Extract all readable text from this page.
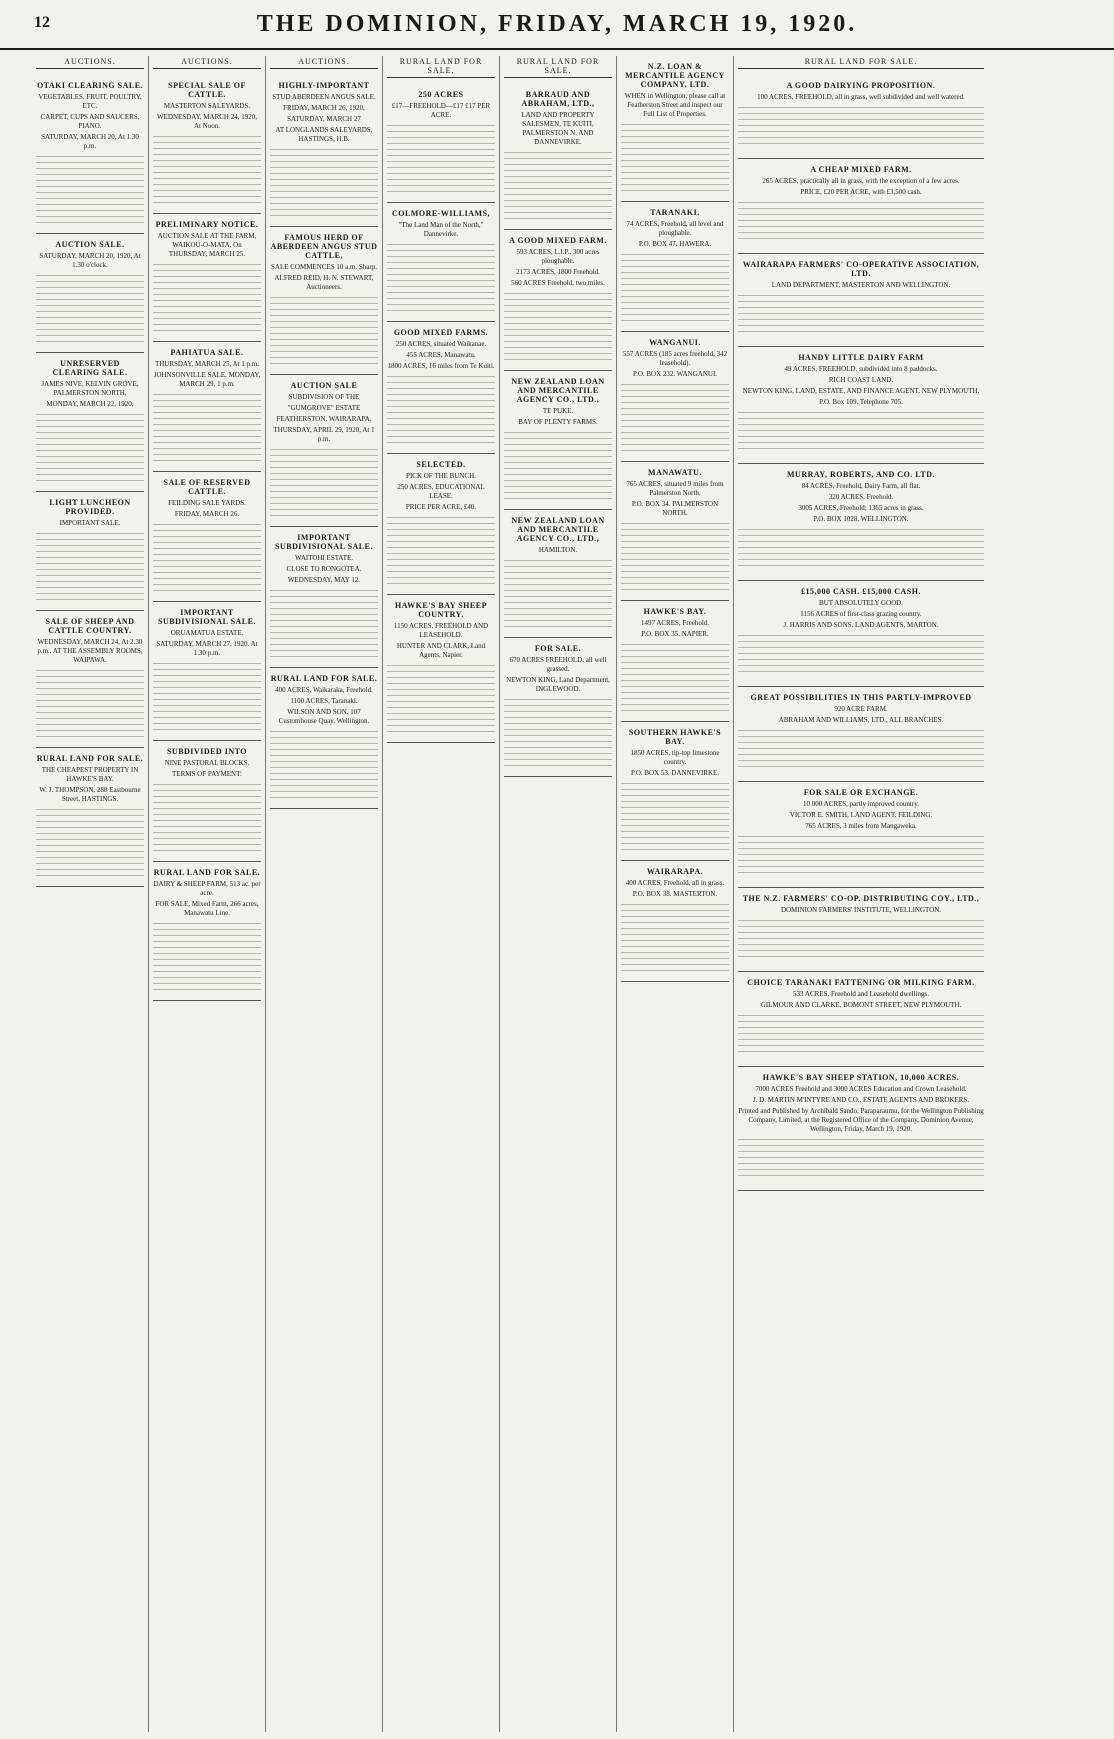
12	THE DOMINION, FRIDAY, MARCH 19, 1920.
AUCTIONS.
OTAKI CLEARING SALE.
VEGETABLES, FRUIT, POULTRY, ETC.
CARPET, CUPS AND SAUCERS, PIANO.
SATURDAY, MARCH 20, At 1.30 p.m.
AUCTION SALE.
SATURDAY, MARCH 20, 1920, At 1.30 o'clock.
UNRESERVED CLEARING SALE.
JAMES NIVE, KELVIN GROVE, PALMERSTON NORTH,
MONDAY, MARCH 22, 1920.
LIGHT LUNCHEON PROVIDED.
IMPORTANT SALE.
SALE OF SHEEP AND CATTLE COUNTRY.
WEDNESDAY, MARCH 24, At 2.30 p.m., AT THE ASSEMBLY ROOMS, WAIPAWA.
RURAL LAND FOR SALE.
THE CHEAPEST PROPERTY IN HAWKE'S BAY.
W. J. THOMPSON, 288 Eastbourne Street, HASTINGS.
AUCTIONS.
SPECIAL SALE OF CATTLE.
MASTERTON SALEYARDS.
WEDNESDAY, MARCH 24, 1920, At Noon.
PRELIMINARY NOTICE.
AUCTION SALE AT THE FARM, WAIKOU-O-MATA, On THURSDAY, MARCH 25.
PAHIATUA SALE.
THURSDAY, MARCH 25, At 1 p.m.
JOHNSONVILLE SALE. MONDAY, MARCH 29, 1 p.m.
SALE OF RESERVED CATTLE.
FEILDING SALE YARDS.
FRIDAY, MARCH 26.
IMPORTANT SUBDIVISIONAL SALE.
ORUAMATUA ESTATE.
SATURDAY, MARCH 27, 1920. At 1.30 p.m.
SUBDIVIDED INTO
NINE PASTORAL BLOCKS.
TERMS OF PAYMENT:
RURAL LAND FOR SALE.
DAIRY & SHEEP FARM, 513 ac. per acre.
FOR SALE, Mixed Farm, 266 acres, Manawatu Line.
AUCTIONS.
HIGHLY-IMPORTANT
STUD ABERDEEN ANGUS SALE.
FRIDAY, MARCH 26, 1920,
SATURDAY, MARCH 27
AT LONGLANDS SALEYARDS, HASTINGS, H.B.
FAMOUS HERD OF ABERDEEN ANGUS STUD CATTLE,
SALE COMMENCES 10 a.m. Sharp.
ALFRED REID, H. N. STEWART, Auctioneers.
AUCTION SALE
SUBDIVISION OF THE
"GUMGROVE" ESTATE
FEATHERSTON, WAIRARAPA.
THURSDAY, APRIL 29, 1920, At 1 p.m.
IMPORTANT SUBDIVISIONAL SALE.
WAITOHI ESTATE.
CLOSE TO RONGOTEA.
WEDNESDAY, MAY 12.
RURAL LAND FOR SALE.
400 ACRES, Waikaraka, Freehold.
1100 ACRES, Taranaki.
WILSON AND SON, 107 Customhouse Quay, Wellington.
RURAL LAND FOR SALE.
250 ACRES
£17—FREEHOLD—£17 £17 PER ACRE.
COLMORE-WILLIAMS,
"The Land Man of the North," Dannevirke.
GOOD MIXED FARMS.
250 ACRES, situated Waikanae.
455 ACRES, Manawatu.
1800 ACRES, 16 miles from Te Kuiti.
SELECTED.
PICK OF THE BUNCH.
250 ACRES, EDUCATIONAL LEASE.
PRICE PER ACRE, £40.
HAWKE'S BAY SHEEP COUNTRY.
1150 ACRES, FREEHOLD AND LEASEHOLD.
HUNTER AND CLARK, Land Agents, Napier.
RURAL LAND FOR SALE.
BARRAUD AND ABRAHAM, LTD.,
LAND AND PROPERTY SALESMEN, TE KUITI, PALMERSTON N. AND DANNEVIRKE.
A GOOD MIXED FARM.
593 ACRES, L.I.P., 300 acres ploughable.
2173 ACRES, 1800 Freehold.
560 ACRES Freehold, two miles.
NEW ZEALAND LOAN AND MERCANTILE AGENCY CO., LTD.,
TE PUKE.
BAY OF PLENTY FARMS.
NEW ZEALAND LOAN AND MERCANTILE AGENCY CO., LTD.,
HAMILTON.
FOR SALE.
670 ACRES FREEHOLD, all well grassed.
NEWTON KING, Land Department, INGLEWOOD.
N.Z. LOAN & MERCANTILE AGENCY COMPANY, LTD.
WHEN in Wellington, please call at Featherston Street and inspect our Full List of Properties.
TARANAKI.
74 ACRES, Freehold, all level and ploughable.
P.O. BOX 47. HAWERA.
WANGANUI.
557 ACRES (185 acres freehold, 342 leasehold).
P.O. BOX 232. WANGANUI.
MANAWATU.
765 ACRES, situated 9 miles from Palmerston North.
P.O. BOX 34. PALMERSTON NORTH.
HAWKE'S BAY.
1497 ACRES, Freehold.
P.O. BOX 35. NAPIER.
SOUTHERN HAWKE'S BAY.
1850 ACRES, tip-top limestone country.
P.O. BOX 53. DANNEVIRKE.
WAIRARAPA.
400 ACRES, Freehold, all in grass.
P.O. BOX 38. MASTERTON.
RURAL LAND FOR SALE.
A GOOD DAIRYING PROPOSITION.
100 ACRES, FREEHOLD, all in grass, well subdivided and well watered.
A CHEAP MIXED FARM.
265 ACRES, practically all in grass, with the exception of a few acres.
PRICE, £20 PER ACRE, with £3,500 cash.
WAIRARAPA FARMERS' CO-OPERATIVE ASSOCIATION, LTD.
LAND DEPARTMENT, MASTERTON AND WELLINGTON.
HANDY LITTLE DAIRY FARM
49 ACRES, FREEHOLD, subdivided into 8 paddocks.
RICH COAST LAND.
NEWTON KING, LAND, ESTATE, AND FINANCE AGENT, NEW PLYMOUTH.
P.O. Box 109. Telephone 705.
MURRAY, ROBERTS, AND CO. LTD.
84 ACRES, Freehold, Dairy Farm, all flat.
320 ACRES, Freehold.
3005 ACRES, Freehold; 1365 acres in grass.
P.O. BOX 1028, WELLINGTON.
£15,000 CASH. £15,000 CASH.
BUT ABSOLUTELY GOOD.
1156 ACRES of first-class grazing country.
J. HARRIS AND SONS, LAND AGENTS, MARTON.
GREAT POSSIBILITIES IN THIS PARTLY-IMPROVED
920 ACRE FARM.
ABRAHAM AND WILLIAMS, LTD., ALL BRANCHES.
FOR SALE OR EXCHANGE.
10 000 ACRES, partly improved country.
VICTOR E. SMITH, LAND AGENT, FEILDING.
765 ACRES, 3 miles from Mangaweka.
THE N.Z. FARMERS' CO-OP. DISTRIBUTING COY., LTD.,
DOMINION FARMERS' INSTITUTE, WELLINGTON.
CHOICE TARANAKI FATTENING OR MILKING FARM.
533 ACRES, Freehold and Leasehold dwellings.
GILMOUR AND CLARKE, BOMONT STREET, NEW PLYMOUTH.
HAWKE'S BAY SHEEP STATION, 10,000 ACRES.
7000 ACRES Freehold and 3000 ACRES Education and Crown Leasehold.
J. D. MARTIN M'INTYRE AND CO., ESTATE AGENTS AND BROKERS.
Printed and Published by Archibald Sando, Paraparaumu, for the Wellington Publishing Company, Limited, at the Registered Office of the Company, Dominion Avenue, Wellington, Friday, March 19, 1920.
